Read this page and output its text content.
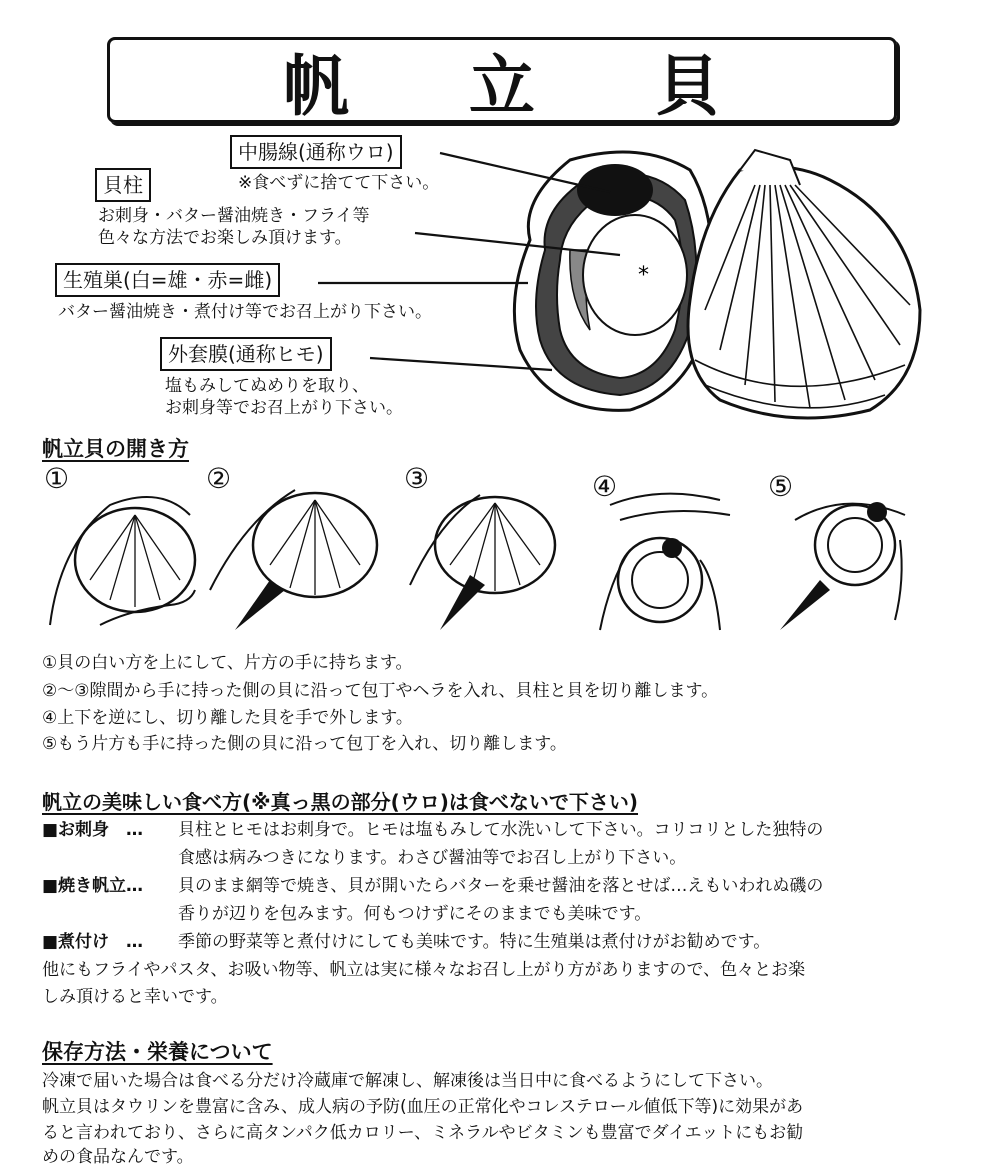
帆立貝
*
中腸線(通称ウロ)
※食べずに捨てて下さい。
貝柱
お刺身・バター醤油焼き・フライ等
色々な方法でお楽しみ頂けます。
生殖巣(白=雄・赤=雌)
バター醤油焼き・煮付け等でお召上がり下さい。
外套膜(通称ヒモ)
塩もみしてぬめりを取り、
お刺身等でお召上がり下さい。
帆立貝の開き方
①	②	③	④	⑤
①貝の白い方を上にして、片方の手に持ちます。
②～③隙間から手に持った側の貝に沿って包丁やヘラを入れ、貝柱と貝を切り離します。
④上下を逆にし、切り離した貝を手で外します。
⑤もう片方も手に持った側の貝に沿って包丁を入れ、切り離します。
帆立の美味しい食べ方(※真っ黒の部分(ウロ)は食べないで下さい)
■お刺身　… 貝柱とヒモはお刺身で。ヒモは塩もみして水洗いして下さい。コリコリとした独特の
食感は病みつきになります。わさび醤油等でお召し上がり下さい。
■焼き帆立… 貝のまま網等で焼き、貝が開いたらバターを乗せ醤油を落とせば…えもいわれぬ磯の
香りが辺りを包みます。何もつけずにそのままでも美味です。
■煮付け　… 季節の野菜等と煮付けにしても美味です。特に生殖巣は煮付けがお勧めです。
他にもフライやパスタ、お吸い物等、帆立は実に様々なお召し上がり方がありますので、色々とお楽
しみ頂けると幸いです。
保存方法・栄養について
冷凍で届いた場合は食べる分だけ冷蔵庫で解凍し、解凍後は当日中に食べるようにして下さい。
帆立貝はタウリンを豊富に含み、成人病の予防(血圧の正常化やコレステロール値低下等)に効果があ
ると言われており、さらに高タンパク低カロリー、ミネラルやビタミンも豊富でダイエットにもお勧
めの食品なんです。
